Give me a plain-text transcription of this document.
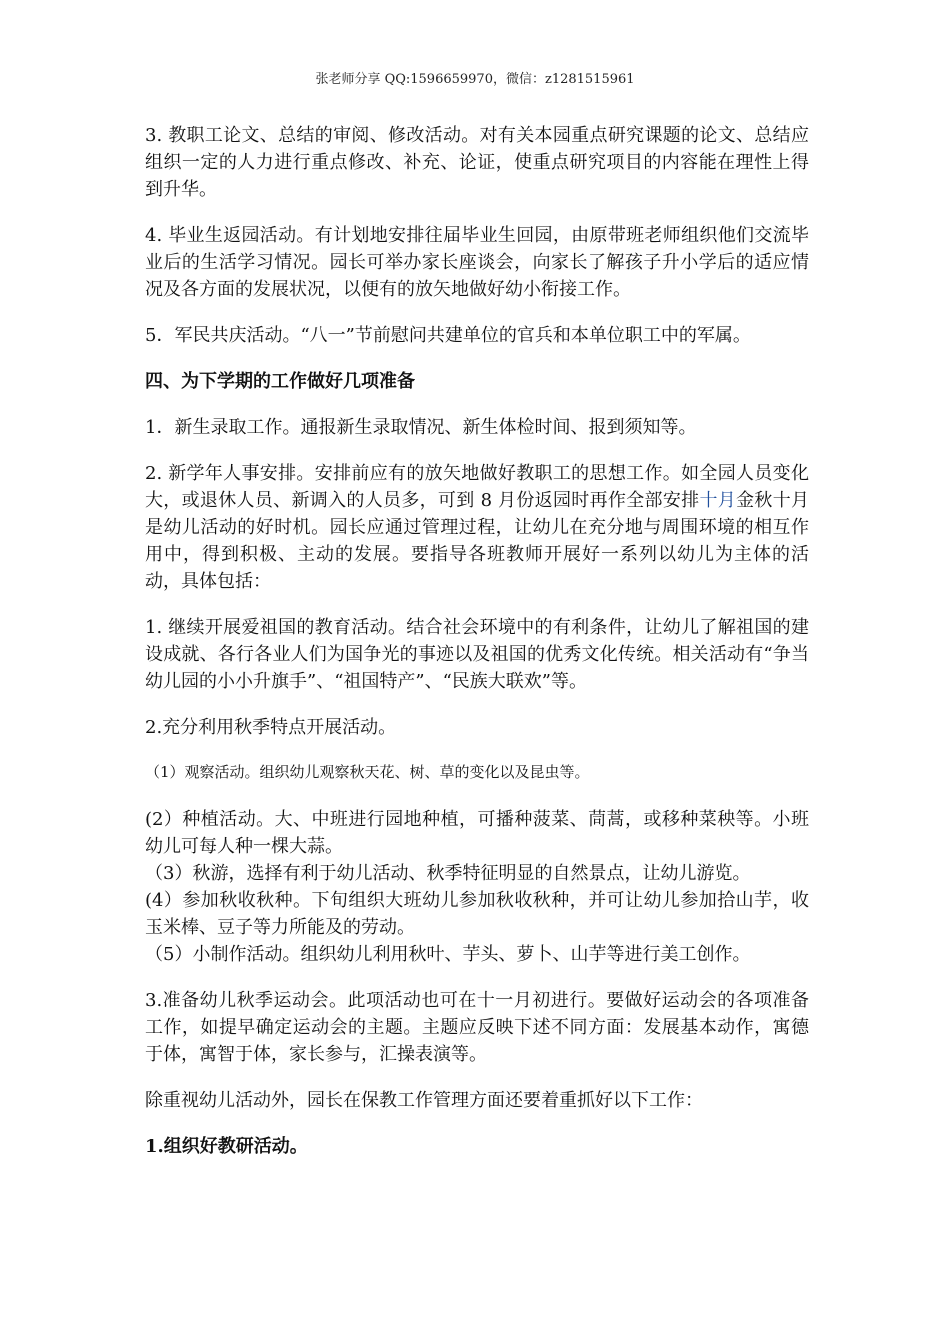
张老师分享 QQ:1596659970，微信：z1281515961

3. 教职工论文、总结的审阅、修改活动。对有关本园重点研究课题的论文、总结应组织一定的人力进行重点修改、补充、论证，使重点研究项目的内容能在理性上得到升华。

4. 毕业生返园活动。有计划地安排往届毕业生回园，由原带班老师组织他们交流毕业后的生活学习情况。园长可举办家长座谈会，向家长了解孩子升小学后的适应情况及各方面的发展状况，以便有的放矢地做好幼小衔接工作。

5．军民共庆活动。“八一”节前慰问共建单位的官兵和本单位职工中的军属。

四、为下学期的工作做好几项准备

1．新生录取工作。通报新生录取情况、新生体检时间、报到须知等。

2. 新学年人事安排。安排前应有的放矢地做好教职工的思想工作。如全园人员变化大，或退休人员、新调入的人员多，可到 8 月份返园时再作全部安排十月金秋十月是幼儿活动的好时机。园长应通过管理过程，让幼儿在充分地与周围环境的相互作用中，得到积极、主动的发展。要指导各班教师开展好一系列以幼儿为主体的活动，具体包括：

1. 继续开展爱祖国的教育活动。结合社会环境中的有利条件，让幼儿了解祖国的建设成就、各行各业人们为国争光的事迹以及祖国的优秀文化传统。相关活动有“争当幼儿园的小小升旗手”、“祖国特产”、“民族大联欢”等。

2.充分利用秋季特点开展活动。

（1）观察活动。组织幼儿观察秋天花、树、草的变化以及昆虫等。

(2）种植活动。大、中班进行园地种植，可播种菠菜、茼蒿，或移种菜秧等。小班幼儿可每人种一棵大蒜。

（3）秋游，选择有利于幼儿活动、秋季特征明显的自然景点，让幼儿游览。

(4）参加秋收秋种。下旬组织大班幼儿参加秋收秋种，并可让幼儿参加拾山芋，收玉米棒、豆子等力所能及的劳动。

（5）小制作活动。组织幼儿利用秋叶、芋头、萝卜、山芋等进行美工创作。

3.准备幼儿秋季运动会。此项活动也可在十一月初进行。要做好运动会的各项准备工作，如提早确定运动会的主题。主题应反映下述不同方面：发展基本动作，寓德于体，寓智于体，家长参与，汇操表演等。

除重视幼儿活动外，园长在保教工作管理方面还要着重抓好以下工作：

1.组织好教研活动。
